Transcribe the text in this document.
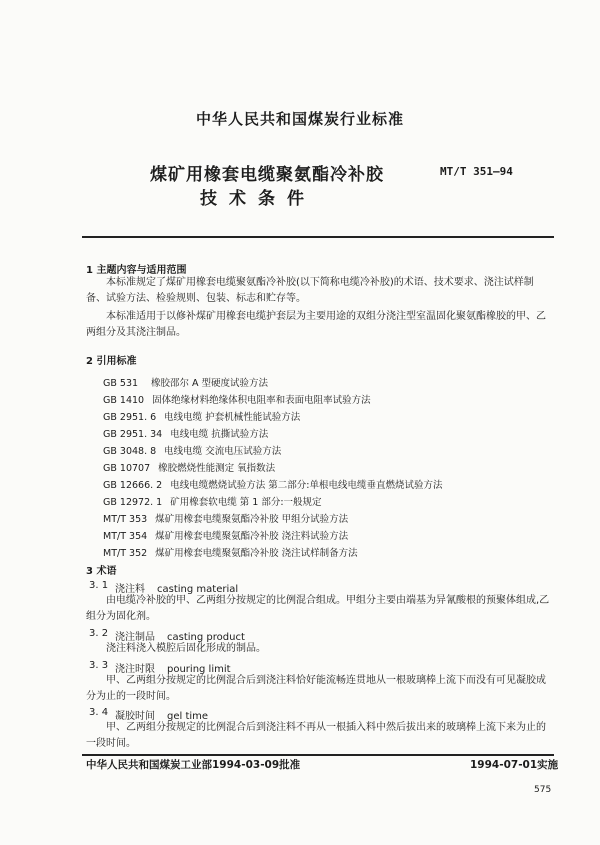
中华人民共和国煤炭行业标准
煤矿用橡套电缆聚氨酯冷补胶
技术条件
MT/T 351—94
1 主题内容与适用范围
本标准规定了煤矿用橡套电缆聚氨酯冷补胶(以下简称电缆冷补胶)的术语、技术要求、浇注试样制备、试验方法、检验规则、包装、标志和贮存等。
本标准适用于以修补煤矿用橡套电缆护套层为主要用途的双组分浇注型室温固化聚氨酯橡胶的甲、乙两组分及其浇注制品。
2 引用标准
GB 531 橡胶邵尔 A 型硬度试验方法
GB 1410 固体绝缘材料绝缘体积电阻率和表面电阻率试验方法
GB 2951. 6 电线电缆 护套机械性能试验方法
GB 2951. 34 电线电缆 抗撕试验方法
GB 3048. 8 电线电缆 交流电压试验方法
GB 10707 橡胶燃烧性能测定 氧指数法
GB 12666. 2 电线电缆燃烧试验方法 第二部分:单根电线电缆垂直燃烧试验方法
GB 12972. 1 矿用橡套软电缆 第 1 部分:一般规定
MT/T 353 煤矿用橡套电缆聚氨酯冷补胶 甲组分试验方法
MT/T 354 煤矿用橡套电缆聚氨酯冷补胶 浇注料试验方法
MT/T 352 煤矿用橡套电缆聚氨酯冷补胶 浇注试样制备方法
3 术语
3. 1 浇注料 casting material
由电缆冷补胶的甲、乙两组分按规定的比例混合组成。甲组分主要由端基为异氰酸根的预聚体组成,乙组分为固化剂。
3. 2 浇注制品 casting product
浇注料浇入模腔后固化形成的制品。
3. 3 浇注时限 pouring limit
甲、乙两组分按规定的比例混合后到浇注料恰好能流畅连贯地从一根玻璃棒上流下而没有可见凝胶成分为止的一段时间。
3. 4 凝胶时间 gel time
甲、乙两组分按规定的比例混合后到浇注料不再从一根插入料中然后拔出来的玻璃棒上流下来为止的一段时间。
中华人民共和国煤炭工业部1994-03-09批准	1994-07-01实施
575
